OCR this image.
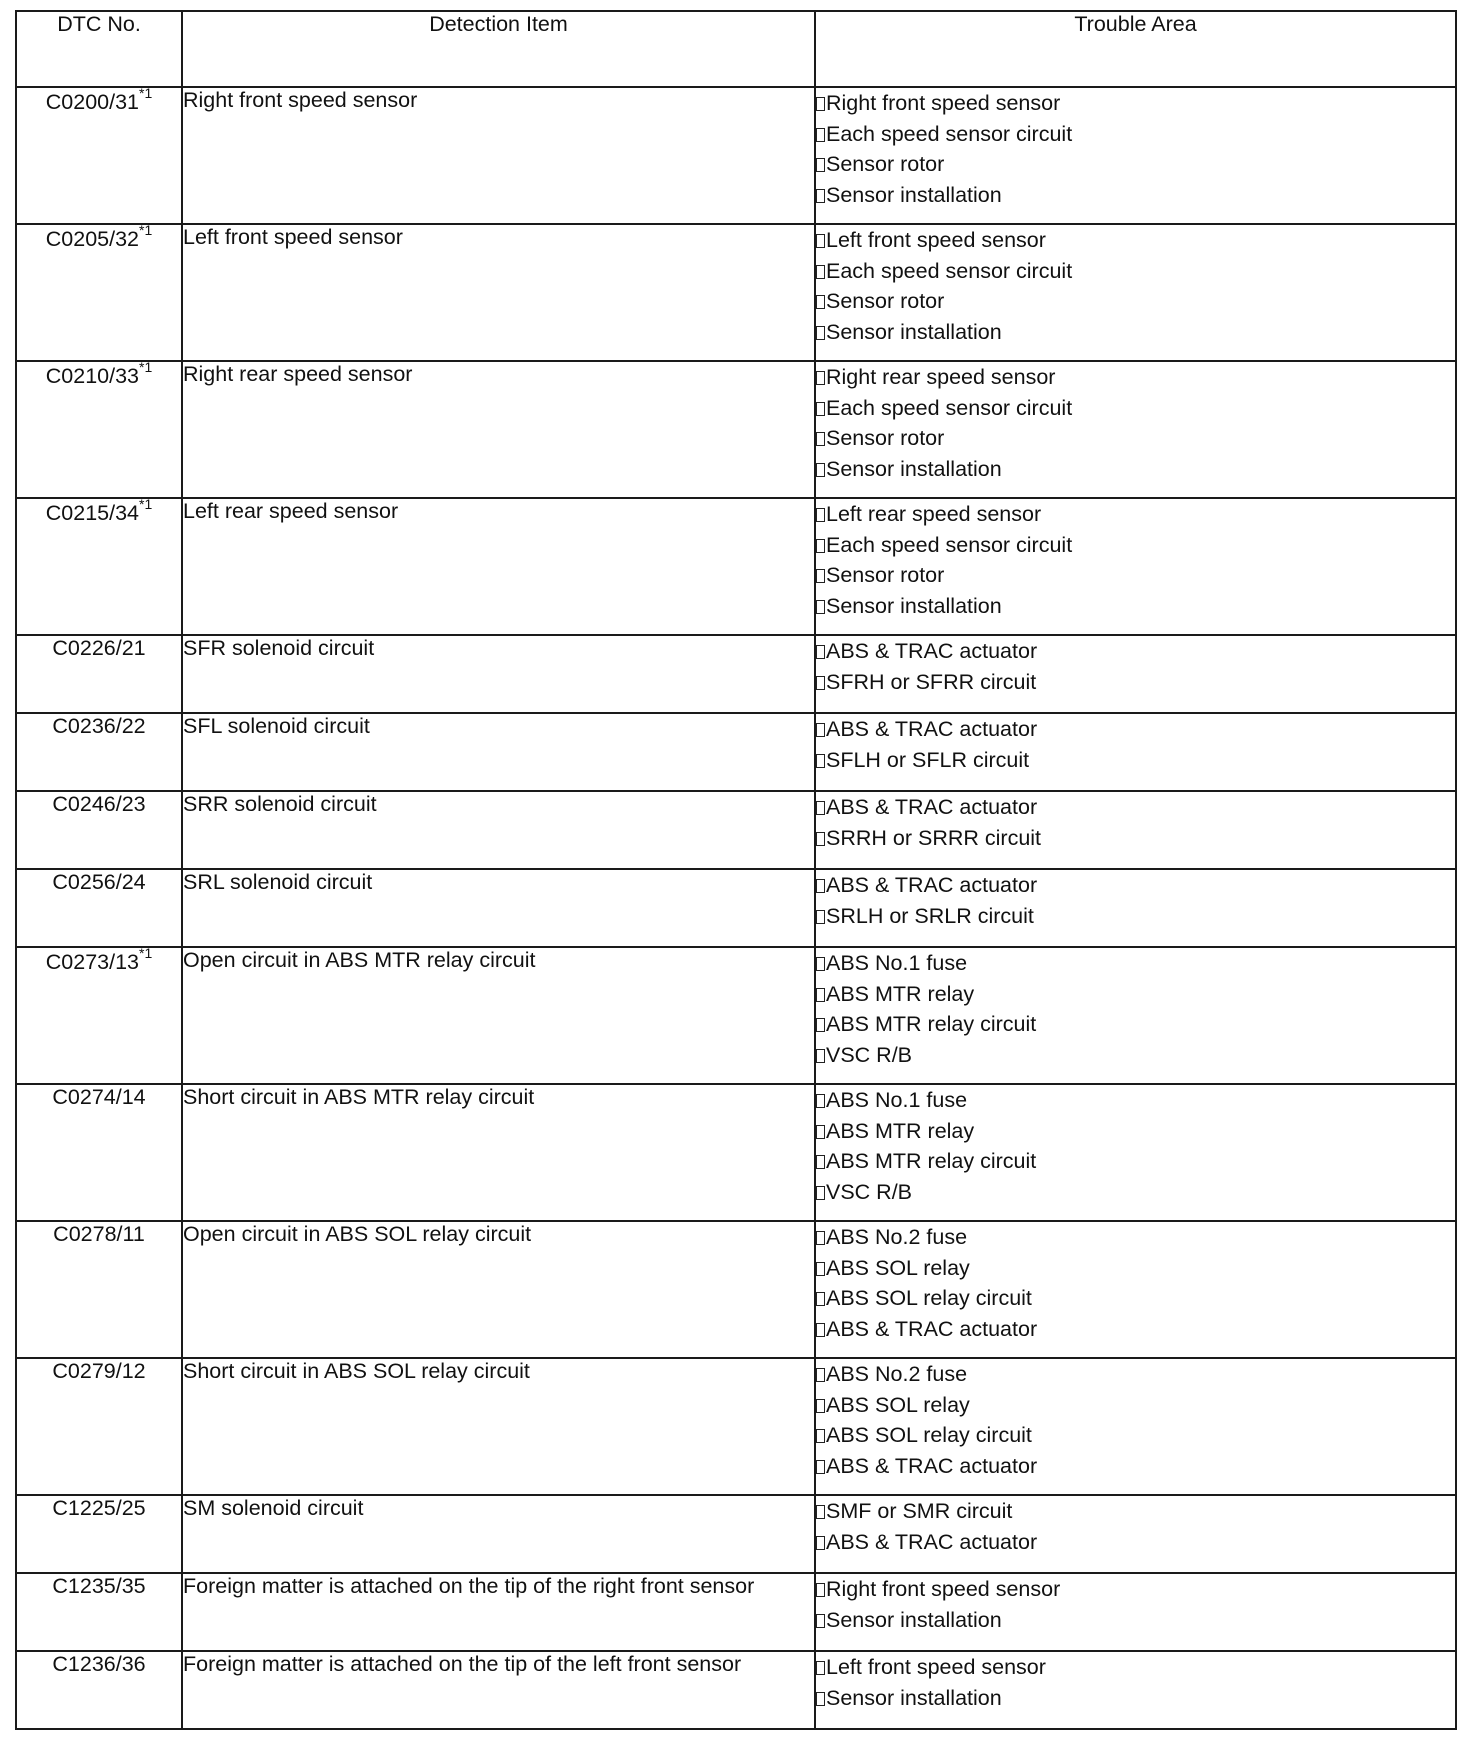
DTC No.	Detection Item	Trouble Area
C0200/31$^{*1}$	Right front speed sensor	Right front speed sensor
Each speed sensor circuit
Sensor rotor
Sensor installation

C0205/32$^{*1}$	Left front speed sensor	Left front speed sensor
Each speed sensor circuit
Sensor rotor
Sensor installation

C0210/33$^{*1}$	Right rear speed sensor	Right rear speed sensor
Each speed sensor circuit
Sensor rotor
Sensor installation

C0215/34$^{*1}$	Left rear speed sensor	Left rear speed sensor
Each speed sensor circuit
Sensor rotor
Sensor installation

C0226/21	SFR solenoid circuit	ABS & TRAC actuator
SFRH or SFRR circuit

C0236/22	SFL solenoid circuit	ABS & TRAC actuator
SFLH or SFLR circuit

C0246/23	SRR solenoid circuit	ABS & TRAC actuator
SRRH or SRRR circuit

C0256/24	SRL solenoid circuit	ABS & TRAC actuator
SRLH or SRLR circuit

C0273/13$^{*1}$	Open circuit in ABS MTR relay circuit	ABS No.1 fuse
ABS MTR relay
ABS MTR relay circuit
VSC R/B

C0274/14	Short circuit in ABS MTR relay circuit	ABS No.1 fuse
ABS MTR relay
ABS MTR relay circuit
VSC R/B

C0278/11	Open circuit in ABS SOL relay circuit	ABS No.2 fuse
ABS SOL relay
ABS SOL relay circuit
ABS & TRAC actuator

C0279/12	Short circuit in ABS SOL relay circuit	ABS No.2 fuse
ABS SOL relay
ABS SOL relay circuit
ABS & TRAC actuator

C1225/25	SM solenoid circuit	SMF or SMR circuit
ABS & TRAC actuator

C1235/35	Foreign matter is attached on the tip of the right front sensor	Right front speed sensor
Sensor installation

C1236/36	Foreign matter is attached on the tip of the left front sensor	Left front speed sensor
Sensor installation
